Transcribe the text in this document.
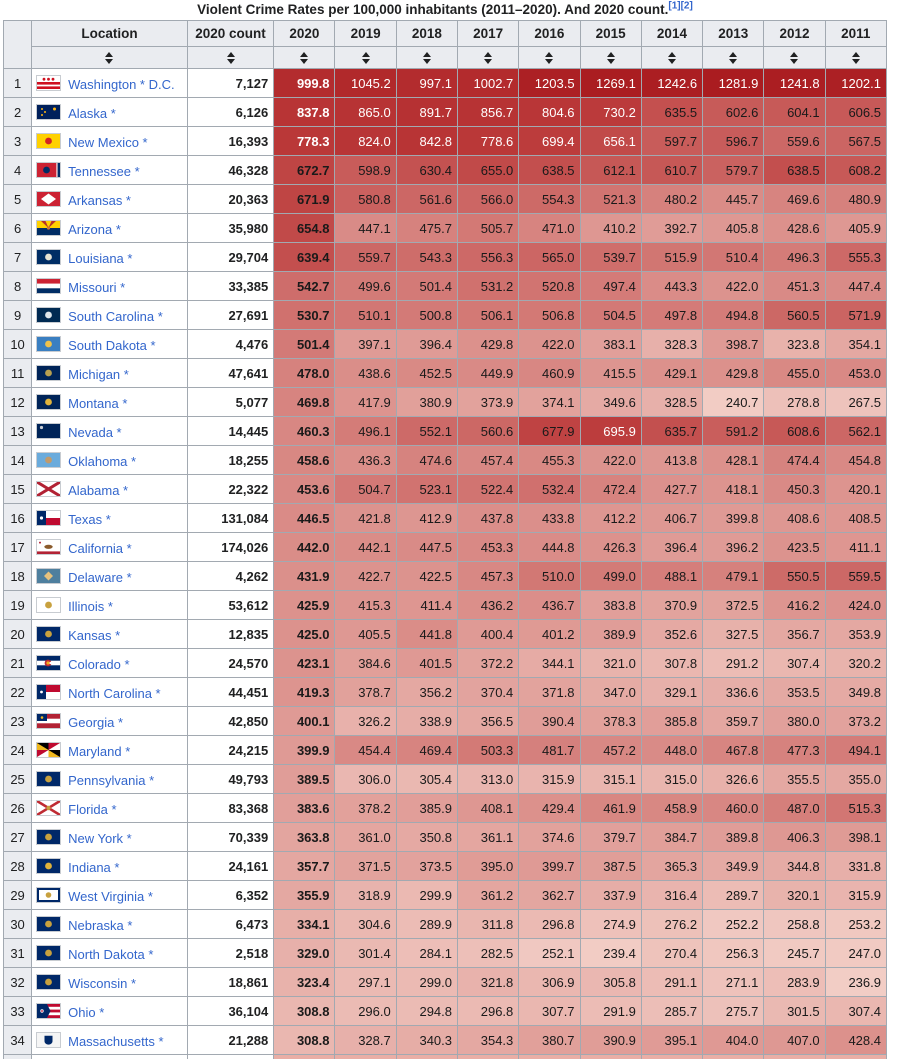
Violent Crime Rates per 100,000 inhabitants (2011–2020). And 2020 count.[1][2]
	Location	2020 count	2020	2019	2018	2017	2016	2015	2014	2013	2012	2011

1	Washington * D.C.	7,127	999.8	1045.2	997.1	1002.7	1203.5	1269.1	1242.6	1281.9	1241.8	1202.1
2	Alaska *	6,126	837.8	865.0	891.7	856.7	804.6	730.2	635.5	602.6	604.1	606.5
3	New Mexico *	16,393	778.3	824.0	842.8	778.6	699.4	656.1	597.7	596.7	559.6	567.5
4	Tennessee *	46,328	672.7	598.9	630.4	655.0	638.5	612.1	610.7	579.7	638.5	608.2
5	Arkansas *	20,363	671.9	580.8	561.6	566.0	554.3	521.3	480.2	445.7	469.6	480.9
6	Arizona *	35,980	654.8	447.1	475.7	505.7	471.0	410.2	392.7	405.8	428.6	405.9
7	Louisiana *	29,704	639.4	559.7	543.3	556.3	565.0	539.7	515.9	510.4	496.3	555.3
8	Missouri *	33,385	542.7	499.6	501.4	531.2	520.8	497.4	443.3	422.0	451.3	447.4
9	South Carolina *	27,691	530.7	510.1	500.8	506.1	506.8	504.5	497.8	494.8	560.5	571.9
10	South Dakota *	4,476	501.4	397.1	396.4	429.8	422.0	383.1	328.3	398.7	323.8	354.1
11	Michigan *	47,641	478.0	438.6	452.5	449.9	460.9	415.5	429.1	429.8	455.0	453.0
12	Montana *	5,077	469.8	417.9	380.9	373.9	374.1	349.6	328.5	240.7	278.8	267.5
13	Nevada *	14,445	460.3	496.1	552.1	560.6	677.9	695.9	635.7	591.2	608.6	562.1
14	Oklahoma *	18,255	458.6	436.3	474.6	457.4	455.3	422.0	413.8	428.1	474.4	454.8
15	Alabama *	22,322	453.6	504.7	523.1	522.4	532.4	472.4	427.7	418.1	450.3	420.1
16	Texas *	131,084	446.5	421.8	412.9	437.8	433.8	412.2	406.7	399.8	408.6	408.5
17	California *	174,026	442.0	442.1	447.5	453.3	444.8	426.3	396.4	396.2	423.5	411.1
18	Delaware *	4,262	431.9	422.7	422.5	457.3	510.0	499.0	488.1	479.1	550.5	559.5
19	Illinois *	53,612	425.9	415.3	411.4	436.2	436.7	383.8	370.9	372.5	416.2	424.0
20	Kansas *	12,835	425.0	405.5	441.8	400.4	401.2	389.9	352.6	327.5	356.7	353.9
21	Colorado *	24,570	423.1	384.6	401.5	372.2	344.1	321.0	307.8	291.2	307.4	320.2
22	North Carolina *	44,451	419.3	378.7	356.2	370.4	371.8	347.0	329.1	336.6	353.5	349.8
23	Georgia *	42,850	400.1	326.2	338.9	356.5	390.4	378.3	385.8	359.7	380.0	373.2
24	Maryland *	24,215	399.9	454.4	469.4	503.3	481.7	457.2	448.0	467.8	477.3	494.1
25	Pennsylvania *	49,793	389.5	306.0	305.4	313.0	315.9	315.1	315.0	326.6	355.5	355.0
26	Florida *	83,368	383.6	378.2	385.9	408.1	429.4	461.9	458.9	460.0	487.0	515.3
27	New York *	70,339	363.8	361.0	350.8	361.1	374.6	379.7	384.7	389.8	406.3	398.1
28	Indiana *	24,161	357.7	371.5	373.5	395.0	399.7	387.5	365.3	349.9	344.8	331.8
29	West Virginia *	6,352	355.9	318.9	299.9	361.2	362.7	337.9	316.4	289.7	320.1	315.9
30	Nebraska *	6,473	334.1	304.6	289.9	311.8	296.8	274.9	276.2	252.2	258.8	253.2
31	North Dakota *	2,518	329.0	301.4	284.1	282.5	252.1	239.4	270.4	256.3	245.7	247.0
32	Wisconsin *	18,861	323.4	297.1	299.0	321.8	306.9	305.8	291.1	271.1	283.9	236.9
33	Ohio *	36,104	308.8	296.0	294.8	296.8	307.7	291.9	285.7	275.7	301.5	307.4
34	Massachusetts *	21,288	308.8	328.7	340.3	354.3	380.7	390.9	395.1	404.0	407.0	428.4
